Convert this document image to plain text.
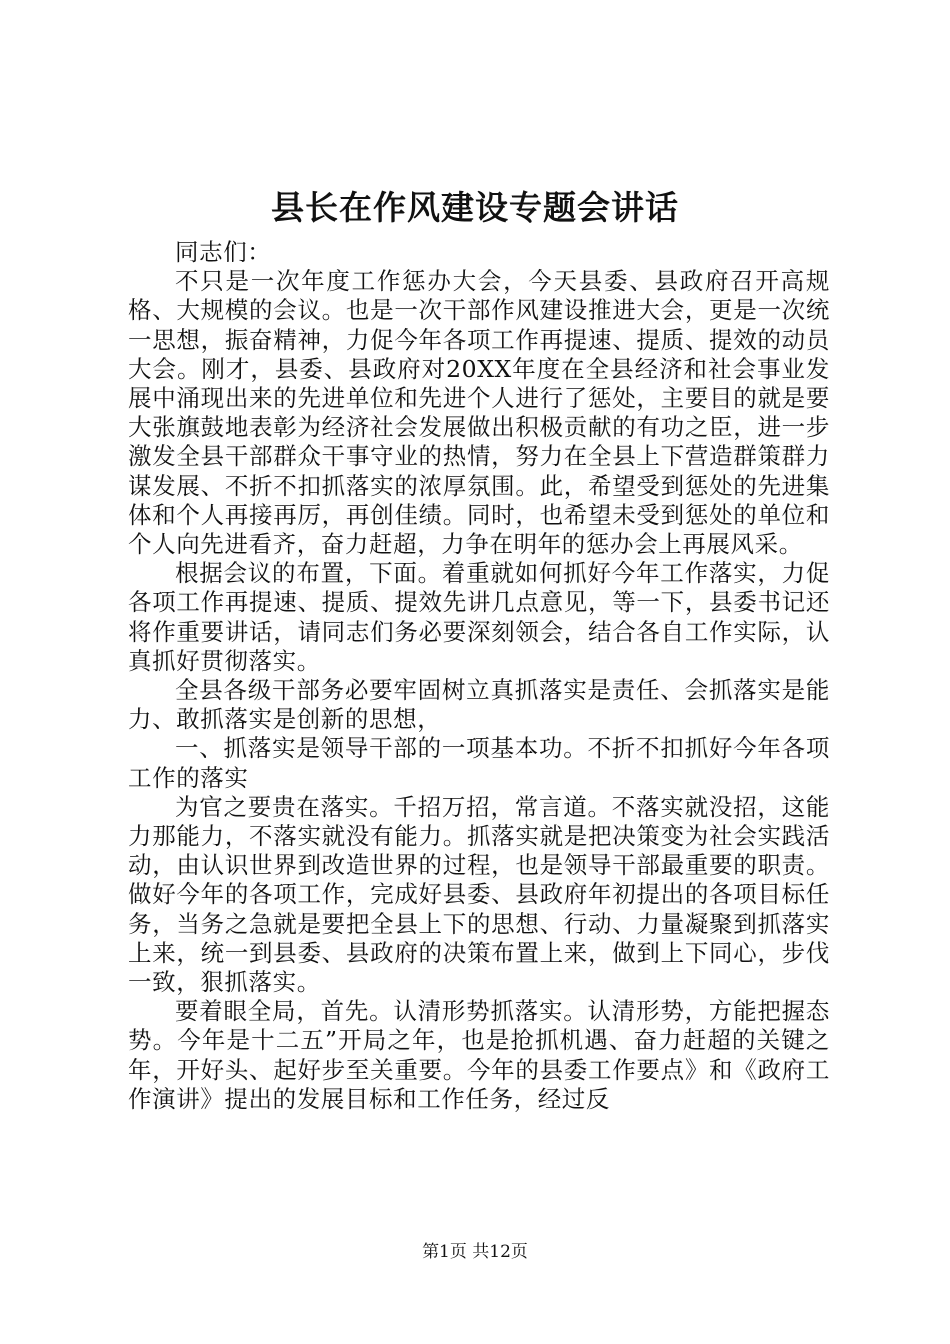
县长在作风建设专题会讲话

同志们：

不只是一次年度工作惩办大会，今天县委、县政府召开高规格、大规模的会议。也是一次干部作风建设推进大会，更是一次统一思想，振奋精神，力促今年各项工作再提速、提质、提效的动员大会。刚才，县委、县政府对20XX年度在全县经济和社会事业发展中涌现出来的先进单位和先进个人进行了惩处，主要目的就是要大张旗鼓地表彰为经济社会发展做出积极贡献的有功之臣，进一步激发全县干部群众干事守业的热情，努力在全县上下营造群策群力谋发展、不折不扣抓落实的浓厚氛围。此，希望受到惩处的先进集体和个人再接再厉，再创佳绩。同时，也希望未受到惩处的单位和个人向先进看齐，奋力赶超，力争在明年的惩办会上再展风采。

根据会议的布置，下面。着重就如何抓好今年工作落实，力促各项工作再提速、提质、提效先讲几点意见，等一下，县委书记还将作重要讲话，请同志们务必要深刻领会，结合各自工作实际，认真抓好贯彻落实。

全县各级干部务必要牢固树立真抓落实是责任、会抓落实是能力、敢抓落实是创新的思想，

一、抓落实是领导干部的一项基本功。不折不扣抓好今年各项工作的落实

为官之要贵在落实。千招万招，常言道。不落实就没招，这能力那能力，不落实就没有能力。抓落实就是把决策变为社会实践活动，由认识世界到改造世界的过程，也是领导干部最重要的职责。做好今年的各项工作，完成好县委、县政府年初提出的各项目标任务，当务之急就是要把全县上下的思想、行动、力量凝聚到抓落实上来，统一到县委、县政府的决策布置上来，做到上下同心，步伐一致，狠抓落实。

要着眼全局，首先。认清形势抓落实。认清形势，方能把握态势。今年是十二五”开局之年，也是抢抓机遇、奋力赶超的关键之年，开好头、起好步至关重要。今年的县委工作要点》和《政府工作演讲》提出的发展目标和工作任务，经过反

第1页 共12页
